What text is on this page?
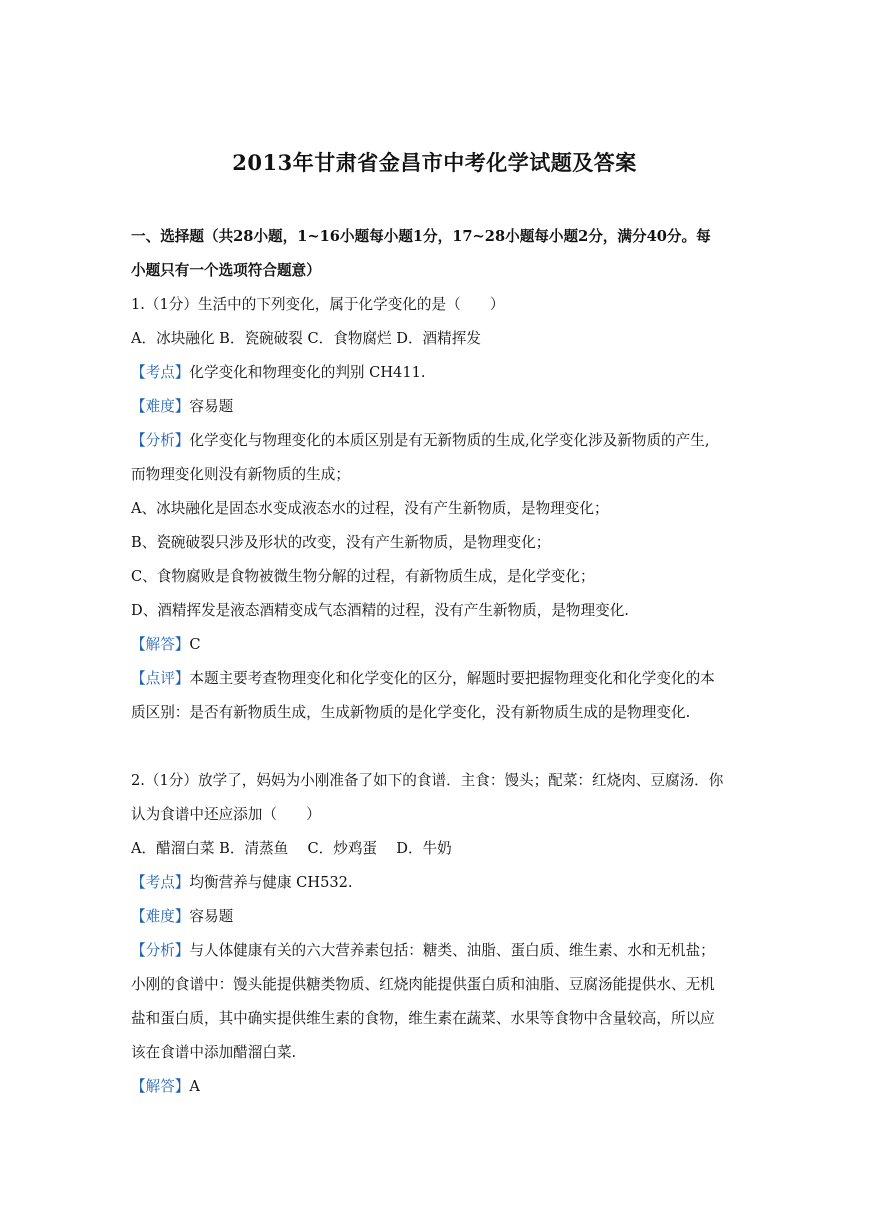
2013年甘肃省金昌市中考化学试题及答案
一、选择题（共28小题，1~16小题每小题1分，17~28小题每小题2分，满分40分。每
小题只有一个选项符合题意）
1.（1分）生活中的下列变化，属于化学变化的是（　　）
A．冰块融化 B．瓷碗破裂 C．食物腐烂 D．酒精挥发
【考点】化学变化和物理变化的判别 CH411.
【难度】容易题
【分析】化学变化与物理变化的本质区别是有无新物质的生成,化学变化涉及新物质的产生,
而物理变化则没有新物质的生成；
A、冰块融化是固态水变成液态水的过程，没有产生新物质，是物理变化；
B、瓷碗破裂只涉及形状的改变，没有产生新物质，是物理变化；
C、食物腐败是食物被微生物分解的过程，有新物质生成，是化学变化；
D、酒精挥发是液态酒精变成气态酒精的过程，没有产生新物质，是物理变化.
【解答】C
【点评】本题主要考查物理变化和化学变化的区分，解题时要把握物理变化和化学变化的本
质区别：是否有新物质生成，生成新物质的是化学变化，没有新物质生成的是物理变化.
2.（1分）放学了，妈妈为小刚准备了如下的食谱．主食：馒头；配菜：红烧肉、豆腐汤．你
认为食谱中还应添加（　　）
A．醋溜白菜 B．清蒸鱼　 C．炒鸡蛋　 D．牛奶
【考点】均衡营养与健康 CH532.
【难度】容易题
【分析】与人体健康有关的六大营养素包括：糖类、油脂、蛋白质、维生素、水和无机盐；
小刚的食谱中：馒头能提供糖类物质、红烧肉能提供蛋白质和油脂、豆腐汤能提供水、无机
盐和蛋白质，其中确实提供维生素的食物，维生素在蔬菜、水果等食物中含量较高，所以应
该在食谱中添加醋溜白菜.
【解答】A
